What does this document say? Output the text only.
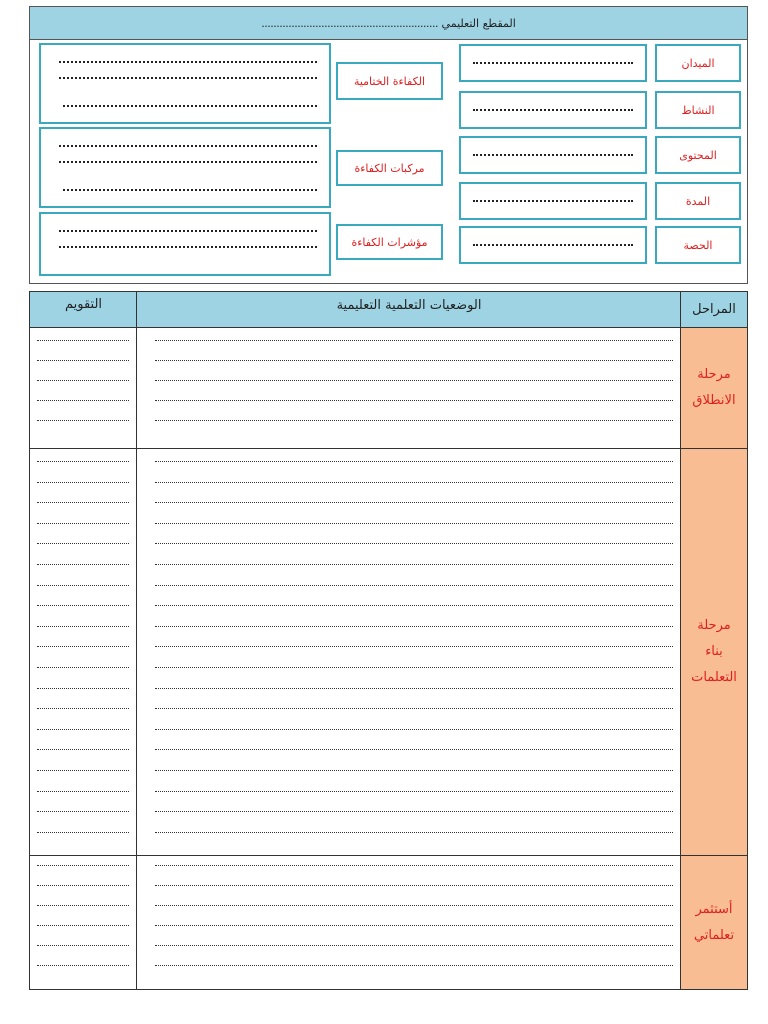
المقطع التعليمي

...........................................................
الميدان
النشاط
المحتوى
المدة
الحصة
الكفاءة الختامية
مركبات الكفاءة
مؤشرات الكفاءة
المراحل
الوضعيات التعلمية التعليمية
التقويم
مرحلة
الانطلاق
مرحلة
بناء
التعلمات
أستثمر
تعلماتي
